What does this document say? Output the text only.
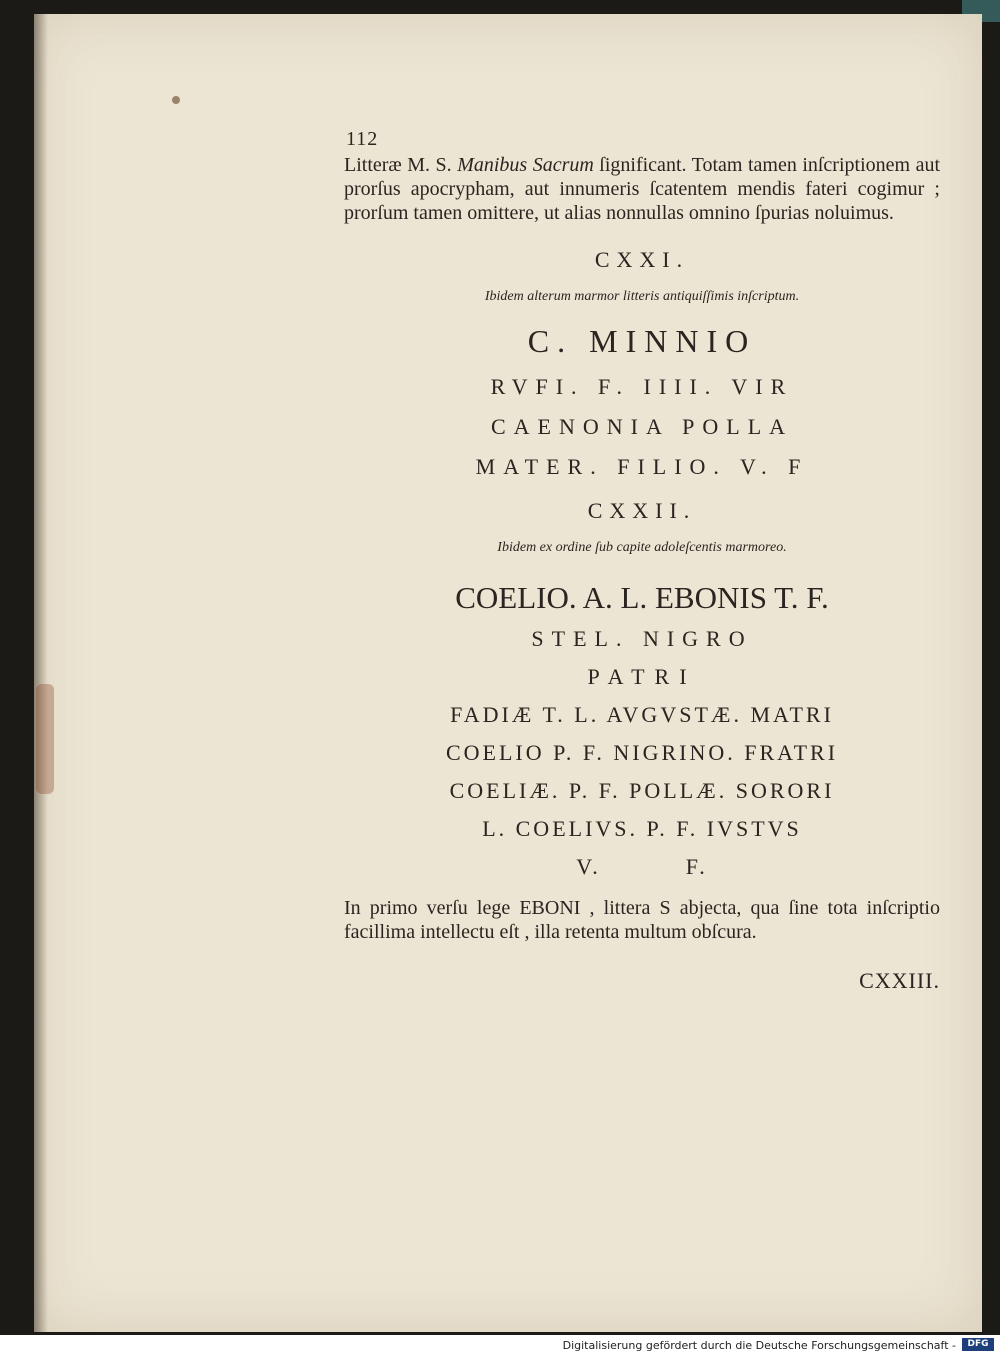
112

Litteræ M. S. Manibus Sacrum ſignificant. Totam tamen inſcriptionem aut prorſus apocrypham, aut innumeris ſcatentem mendis fateri cogimur ; prorſum tamen omittere, ut alias nonnullas omnino ſpurias noluimus.

CXXI.
Ibidem alterum marmor litteris antiquiſſimis inſcriptum.
C. MINNIO
RVFI. F. IIII. VIR
CAENONIA POLLA
MATER. FILIO. V. F
CXXII.
Ibidem ex ordine ſub capite adoleſcentis marmoreo.
COELIO. A. L. EBONIS T. F.
STEL. NIGRO
PATRI
FADIÆ T. L. AVGVSTÆ. MATRI
COELIO P. F. NIGRINO. FRATRI
COELIÆ. P. F. POLLÆ. SORORI
L. COELIVS. P. F. IVSTVS
V.          F.

In primo verſu lege EBONI , littera S abjecta, qua ſine tota inſcriptio facillima intellectu eſt , illa retenta multum obſcura.

CXXIII.
Digitalisierung gefördert durch die Deutsche Forschungsgemeinschaft -	DFG
